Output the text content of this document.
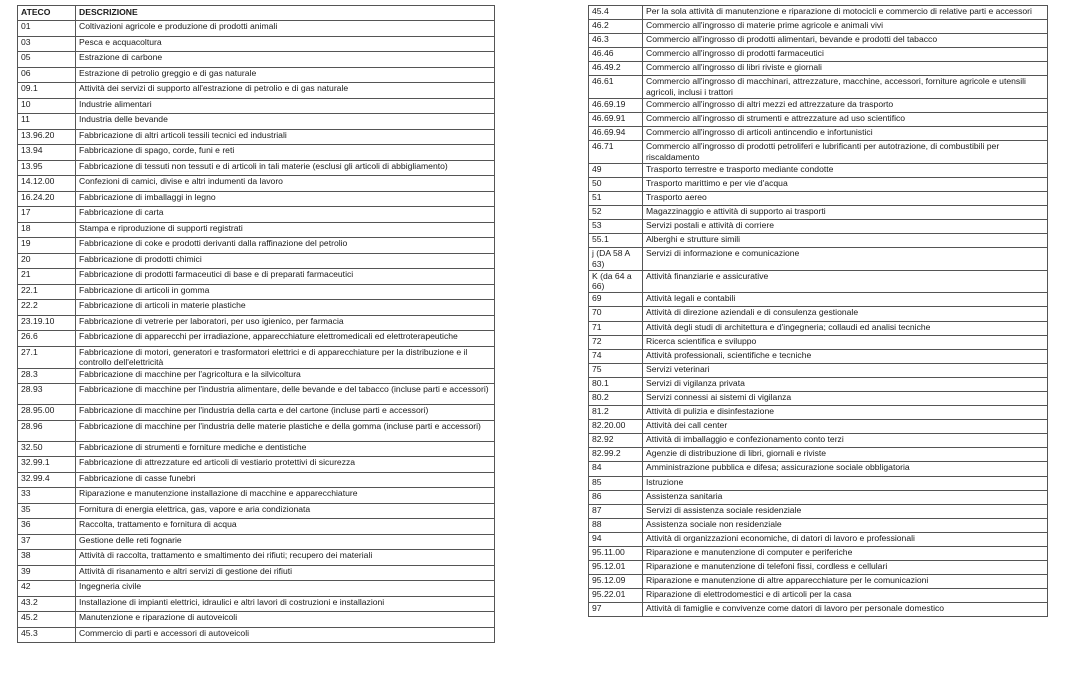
ATECO	DESCRIZIONE
01	Coltivazioni agricole e produzione di prodotti animali
03	Pesca e acquacoltura
05	Estrazione di carbone
06	Estrazione di petrolio greggio e di gas naturale
09.1	Attività dei servizi di supporto all'estrazione di petrolio e di gas naturale
10	Industrie alimentari
11	Industria delle bevande
13.96.20	Fabbricazione di altri articoli tessili tecnici ed industriali
13.94	Fabbricazione di spago, corde, funi e reti
13.95	Fabbricazione di tessuti non tessuti e di articoli in tali materie (esclusi gli articoli di abbigliamento)
14.12.00	Confezioni di camici, divise e altri indumenti da lavoro
16.24.20	Fabbricazione di imballaggi in legno
17	Fabbricazione di carta
18	Stampa e riproduzione di supporti registrati
19	Fabbricazione di coke e prodotti derivanti dalla raffinazione del petrolio
20	Fabbricazione di prodotti chimici
21	Fabbricazione di prodotti farmaceutici di base e di preparati farmaceutici
22.1	Fabbricazione di articoli in gomma
22.2	Fabbricazione di articoli in materie plastiche
23.19.10	Fabbricazione di vetrerie per laboratori, per uso igienico, per farmacia
26.6	Fabbricazione di apparecchi per irradiazione, apparecchiature elettromedicali ed elettroterapeutiche
27.1	Fabbricazione di motori, generatori e trasformatori elettrici e di apparecchiature per la distribuzione e il controllo dell'elettricità
28.3	Fabbricazione di macchine per l'agricoltura e la silvicoltura
28.93	Fabbricazione di macchine per l'industria alimentare, delle bevande e del tabacco (incluse parti e accessori)
28.95.00	Fabbricazione di macchine per l'industria della carta e del cartone (incluse parti e accessori)
28.96	Fabbricazione di macchine per l'industria delle materie plastiche e della gomma (incluse parti e accessori)
32.50	Fabbricazione di strumenti e forniture mediche e dentistiche
32.99.1	Fabbricazione di attrezzature ed articoli di vestiario protettivi di sicurezza
32.99.4	Fabbricazione di casse funebri
33	Riparazione e manutenzione installazione di macchine e apparecchiature
35	Fornitura di energia elettrica, gas, vapore e aria condizionata
36	Raccolta, trattamento e fornitura di acqua
37	Gestione delle reti fognarie
38	Attività di raccolta, trattamento e smaltimento dei rifiuti; recupero dei materiali
39	Attività di risanamento e altri servizi di gestione dei rifiuti
42	Ingegneria civile
43.2	Installazione di impianti elettrici, idraulici e altri lavori di costruzioni e installazioni
45.2	Manutenzione e riparazione di autoveicoli
45.3	Commercio di parti e accessori di autoveicoli
45.4	Per la sola attività di manutenzione e riparazione di motocicli e commercio di relative parti e accessori
46.2	Commercio all'ingrosso di materie prime agricole e animali vivi
46.3	Commercio all'ingrosso di prodotti alimentari, bevande e prodotti del tabacco
46.46	Commercio all'ingrosso di prodotti farmaceutici
46.49.2	Commercio all'ingrosso di libri riviste e giornali
46.61	Commercio all'ingrosso di macchinari, attrezzature, macchine, accessori, forniture agricole e utensili agricoli, inclusi i trattori
46.69.19	Commercio all'ingrosso di altri mezzi ed attrezzature da trasporto
46.69.91	Commercio all'ingrosso di strumenti e attrezzature ad uso scientifico
46.69.94	Commercio all'ingrosso di articoli antincendio e infortunistici
46.71	Commercio all'ingrosso di prodotti petroliferi e lubrificanti per autotrazione, di combustibili per riscaldamento
49	Trasporto terrestre e trasporto mediante condotte
50	Trasporto marittimo e per vie d'acqua
51	Trasporto aereo
52	Magazzinaggio e attività di supporto ai trasporti
53	Servizi postali e attività di corriere
55.1	Alberghi e strutture simili
j (DA 58 A 63)	Servizi di informazione e comunicazione
K (da 64 a 66)	Attività finanziarie e assicurative
69	Attività legali e contabili
70	Attività di direzione aziendali e di consulenza gestionale
71	Attività degli studi di architettura e d'ingegneria; collaudi ed analisi tecniche
72	Ricerca scientifica e sviluppo
74	Attività professionali, scientifiche e tecniche
75	Servizi veterinari
80.1	Servizi di vigilanza privata
80.2	Servizi connessi ai sistemi di vigilanza
81.2	Attività di pulizia e disinfestazione
82.20.00	Attività dei call center
82.92	Attività di imballaggio e confezionamento conto terzi
82.99.2	Agenzie di distribuzione di libri, giornali e riviste
84	Amministrazione pubblica e difesa; assicurazione sociale obbligatoria
85	Istruzione
86	Assistenza sanitaria
87	Servizi di assistenza sociale residenziale
88	Assistenza sociale non residenziale
94	Attività di organizzazioni economiche, di datori di lavoro e professionali
95.11.00	Riparazione e manutenzione di computer e periferiche
95.12.01	Riparazione e manutenzione di telefoni fissi, cordless e cellulari
95.12.09	Riparazione e manutenzione di altre apparecchiature per le comunicazioni
95.22.01	Riparazione di elettrodomestici e di articoli per la casa
97	Attività di famiglie e convivenze come datori di lavoro per personale domestico
